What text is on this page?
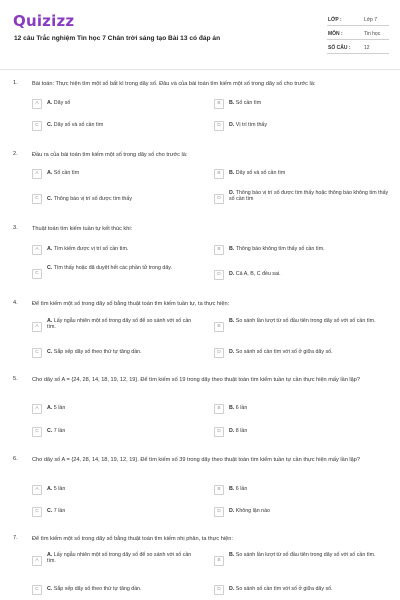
Quizizz
12 câu Trắc nghiệm Tin học 7 Chân trời sáng tạo Bài 13 có đáp án
LỚP :	Lớp 7
MÔN :	Tin học
SỐ CÂU :	12
1.	Bài toán: Thực hiện tìm một số bất kì trong dãy số. Đâu và của bài toán tìm kiếm một số trong dãy số cho trước là:
A	A. Dãy số	B	B. Số cần tìm
C	C. Dãy số và số cần tìm	D	D. Vị trí tìm thấy
2.	Đầu ra của bài toán tìm kiếm một số trong dãy số cho trước là:
A	A. Số cần tìm	B	B. Dãy số và số cần tìm
C	C. Thông báo vị trí số được tìm thấy	D
D. Thông báo vị trí số được tìm thấy hoặc thông báo không tìm thấy số cần tìm
3.	Thuật toán tìm kiếm tuần tự kết thúc khi:
A	A. Tìm kiếm được vị trí số cần tìm.	B	B. Thông báo không tìm thấy số cần tìm.
C
C. Tìm thấy hoặc đã duyệt hết các phần tử trong dãy.
D	D. Cả A, B, C đều sai.
4.	Để tìm kiếm một số trong dãy số bằng thuật toán tìm kiếm tuần tự, ta thực hiện:
A
A. Lấy ngẫu nhiên một số trong dãy số để so sánh với số cần tìm.	B
B. So sánh lần lượt từ số đầu tiên trong dãy số với số cần tìm.
C	C. Sắp xếp dãy số theo thứ tự tăng dần.	D	D. So sánh số cần tìm với số ở giữa dãy số.
5.	Cho dãy số A = {24, 28, 14, 18, 19, 12, 19}. Để tìm kiếm số 19 trong dãy theo thuật toán tìm kiếm tuần tự cần thực hiện mấy lần lặp?
A	A. 5 lần	B	B. 6 lần
C	C. 7 lần	D	D. 8 lần
6.	Cho dãy số A = {24, 28, 14, 18, 19, 12, 19}. Để tìm kiếm số 39 trong dãy theo thuật toán tìm kiếm tuần tự cần thực hiện mấy lần lặp?
A	A. 5 lần	B	B. 6 lần
C	C. 7 lần	D	D. Không lặn nào
7.	Để tìm kiếm một số trong dãy số bằng thuật toán tìm kiếm nhị phân, ta thực hiện:
A
A. Lấy ngẫu nhiên một số trong dãy số để so sánh với số cần tìm.	B
B. So sánh lần lượt từ số đầu tiên trong dãy số với số cần tìm.
C	C. Sắp xếp dãy số theo thứ tự tăng dần.	D	D. So sánh số cần tìm với số ở giữa dãy số.
